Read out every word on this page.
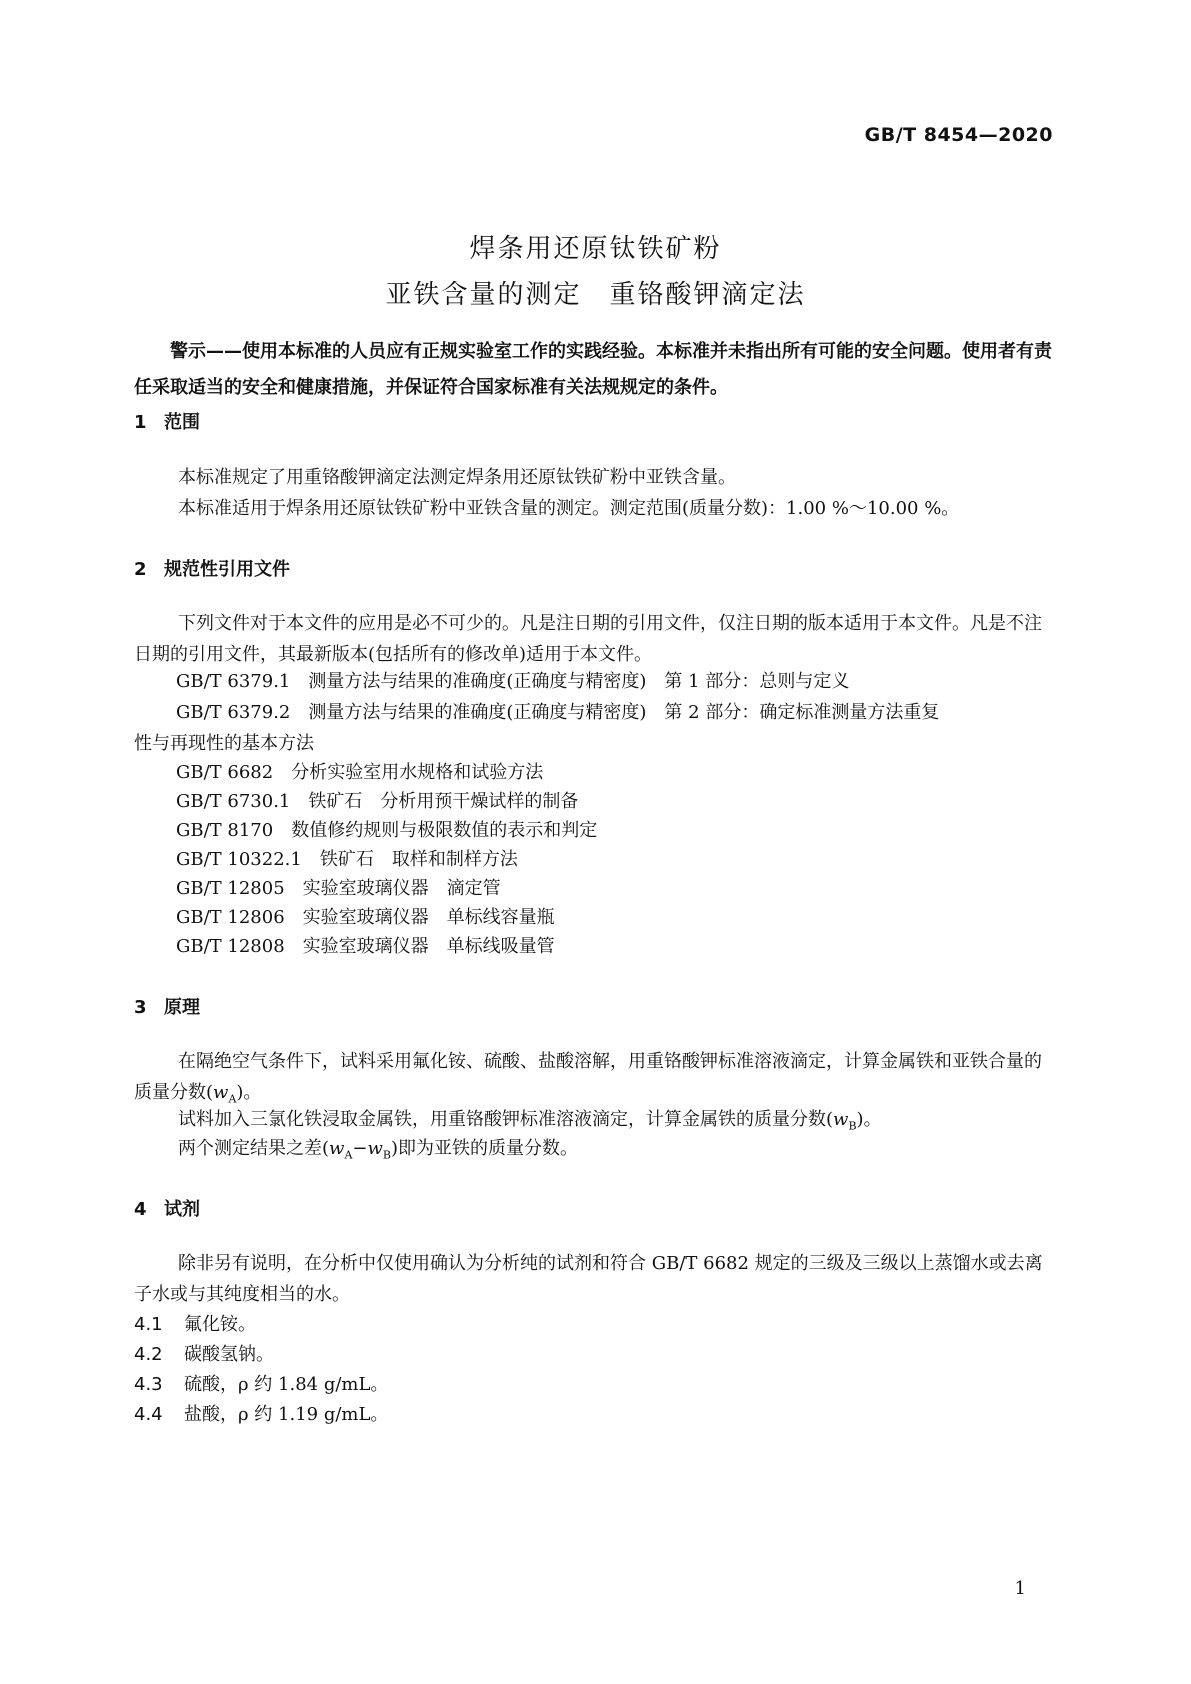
GB/T 8454—2020
焊条用还原钛铁矿粉
亚铁含量的测定　重铬酸钾滴定法
警示——使用本标准的人员应有正规实验室工作的实践经验。本标准并未指出所有可能的安全问题。使用者有责任采取适当的安全和健康措施，并保证符合国家标准有关法规规定的条件。
1 范围
本标准规定了用重铬酸钾滴定法测定焊条用还原钛铁矿粉中亚铁含量。
本标准适用于焊条用还原钛铁矿粉中亚铁含量的测定。测定范围(质量分数)：1.00 %～10.00 %。
2 规范性引用文件
下列文件对于本文件的应用是必不可少的。凡是注日期的引用文件，仅注日期的版本适用于本文件。凡是不注日期的引用文件，其最新版本(包括所有的修改单)适用于本文件。
GB/T 6379.1　测量方法与结果的准确度(正确度与精密度)　第 1 部分：总则与定义
GB/T 6379.2　测量方法与结果的准确度(正确度与精密度)　第 2 部分：确定标准测量方法重复
性与再现性的基本方法
GB/T 6682　分析实验室用水规格和试验方法
GB/T 6730.1　铁矿石　分析用预干燥试样的制备
GB/T 8170　数值修约规则与极限数值的表示和判定
GB/T 10322.1　铁矿石　取样和制样方法
GB/T 12805　实验室玻璃仪器　滴定管
GB/T 12806　实验室玻璃仪器　单标线容量瓶
GB/T 12808　实验室玻璃仪器　单标线吸量管
3 原理
在隔绝空气条件下，试料采用氟化铵、硫酸、盐酸溶解，用重铬酸钾标准溶液滴定，计算金属铁和亚铁合量的质量分数$(w_A)$。
试料加入三氯化铁浸取金属铁，用重铬酸钾标准溶液滴定，计算金属铁的质量分数$(w_B)$。
两个测定结果之差$(w_A-w_B)$即为亚铁的质量分数。
4 试剂
除非另有说明，在分析中仅使用确认为分析纯的试剂和符合 GB/T 6682 规定的三级及三级以上蒸馏水或去离子水或与其纯度相当的水。
4.1 氟化铵。
4.2 碳酸氢钠。
4.3 硫酸，ρ 约 1.84 g/mL。
4.4 盐酸，ρ 约 1.19 g/mL。
1
